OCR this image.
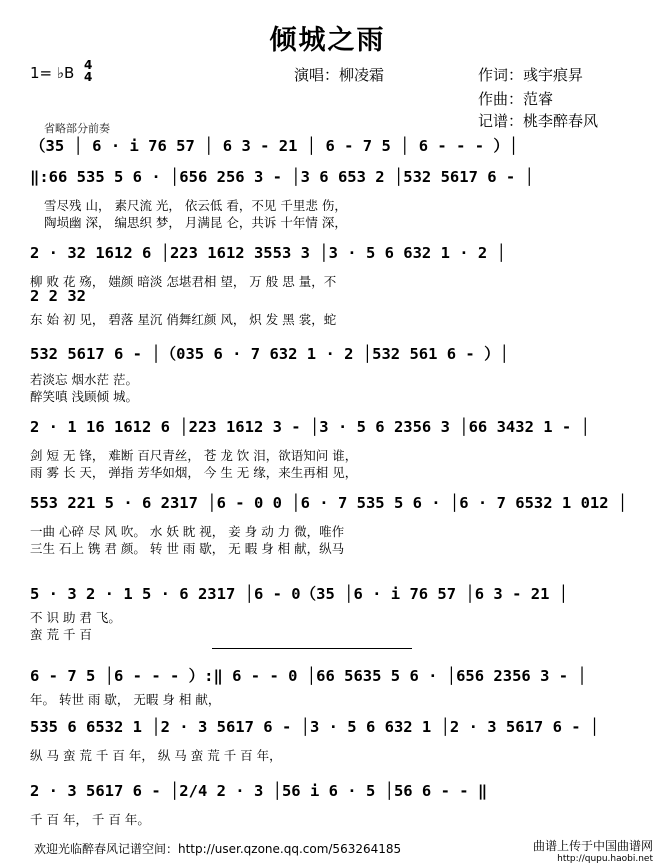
倾城之雨
1= ♭B 4
4	演唱：柳凌霜	作词：彧宇痕昇
作曲：范睿
记谱：桃李醉春风
省略部分前奏
（35 │ 6 · i 76 57 │ 6 3 - 21 │ 6 - 7 5 │ 6 - - - ）│
‖:66 535 5 6 · │656 256 3 - │3 6 653 2 │532 5617 6 - │
雪尽残 山， 素尺流 光， 依云低 看，不见 千里悲 伤，
陶埙幽 深， 编思织 梦， 月满昆 仑，共诉 十年情 深，
2 · 32 1612 6 │223 1612 3553 3 │3 · 5 6 632 1 · 2 │
柳 败 花 殇， 媸颜 暗淡 怎堪君相 望， 万 般 思 量，不
2 2 32
东 始 初 见， 碧落 星沉 俏舞红颜 风， 炽 发 黑 裳，蛇
532 5617 6 - │（035 6 · 7 632 1 · 2 │532 561 6 - ）│
若淡忘 烟水茫 茫。
醉笑嗔 浅顾倾 城。
2 · 1 16 1612 6 │223 1612 3 - │3 · 5 6 2356 3 │66 3432 1 - │
剑 短 无 锋， 难断 百尺青丝， 苍 龙 饮 泪，欲语知问 谁，
雨 雾 长 天， 弹指 芳华如烟， 今 生 无 缘，来生再相 见，
553 221 5 · 6 2317 │6 - 0 0 │6 · 7 535 5 6 · │6 · 7 6532 1 012 │
一曲 心碎 尽 风 吹。 水 妖 眈 视， 妾 身 动 力 微，唯作
三生 石上 镌 君 颜。 转 世 雨 歇， 无 暇 身 相 献，纵马
5 · 3 2 · 1 5 · 6 2317 │6 - 0（35 │6 · i 76 57 │6 3 - 21 │
不 识 助 君 飞。
蛮 荒 千 百
6 - 7 5 │6 - - - ）:‖ 6 - - 0 │66 5635 5 6 · │656 2356 3 - │
年。 转世 雨 歇， 无暇 身 相 献，
535 6 6532 1 │2 · 3 5617 6 - │3 · 5 6 632 1 │2 · 3 5617 6 - │
纵 马 蛮 荒 千 百 年， 纵 马 蛮 荒 千 百 年，
2 · 3 5617 6 - │2/4 2 · 3 │56 i 6 · 5 │56 6 - - ‖
千 百 年， 千 百 年。
欢迎光临醉春风记谱空间：http://user.qzone.qq.com/563264185	曲谱上传于中国曲谱网
http://qupu.haobi.net
